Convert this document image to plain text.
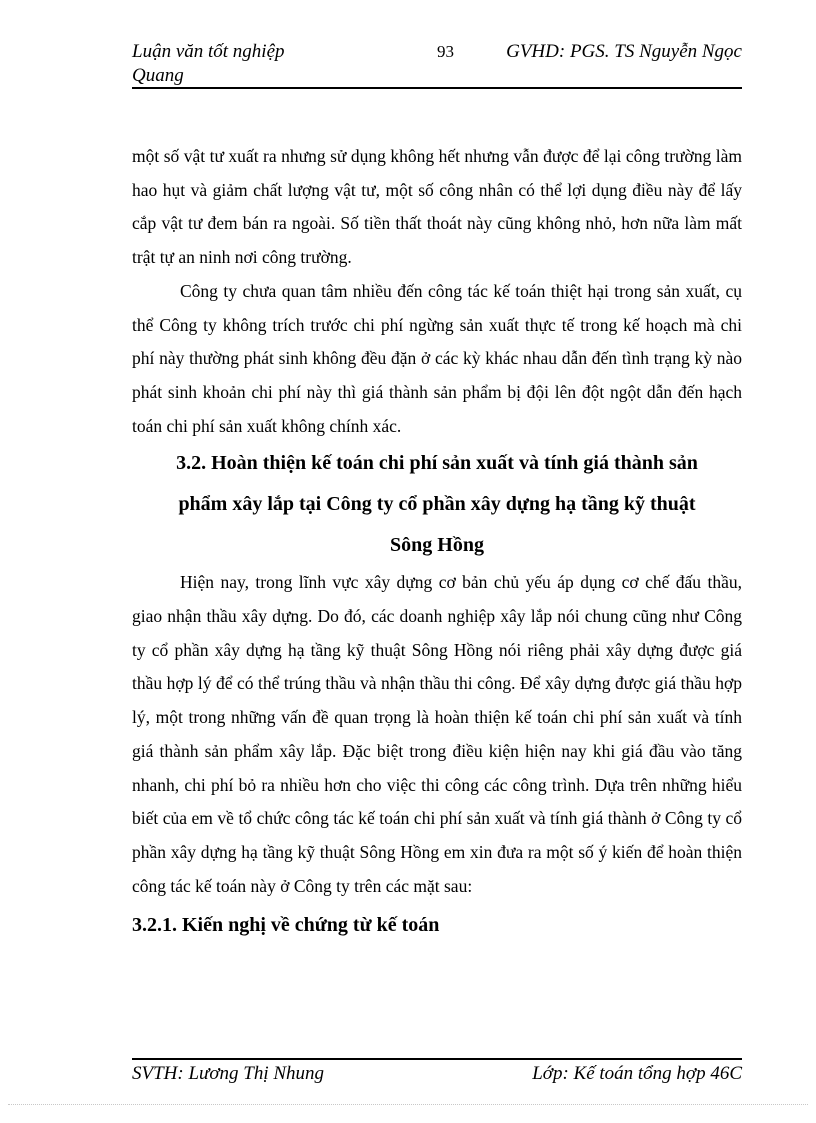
Luận văn tốt nghiệp
Quang
93	GVHD: PGS. TS Nguyễn Ngọc

một số vật tư xuất ra nhưng sử dụng không hết nhưng vẫn được để lại công trường làm hao hụt và giảm chất lượng vật tư, một số công nhân có thể lợi dụng điều này để lấy cắp vật tư đem bán ra ngoài. Số tiền thất thoát này cũng không nhỏ, hơn nữa làm mất trật tự an ninh nơi công trường.

Công ty chưa quan tâm nhiều đến công tác kế toán thiệt hại trong sản xuất, cụ thể Công ty không trích trước chi phí ngừng sản xuất thực tế trong kế hoạch mà chi phí này thường phát sinh không đều đặn ở các kỳ khác nhau dẫn đến tình trạng kỳ nào phát sinh khoản chi phí này thì giá thành sản phẩm bị đội lên đột ngột dẫn đến hạch toán chi phí sản xuất không chính xác.

3.2. Hoàn thiện kế toán chi phí sản xuất và tính giá thành sản
phẩm xây lắp tại Công ty cổ phần xây dựng hạ tầng kỹ thuật
Sông Hồng

Hiện nay, trong lĩnh vực xây dựng cơ bản chủ yếu áp dụng cơ chế đấu thầu, giao nhận thầu xây dựng. Do đó, các doanh nghiệp xây lắp nói chung cũng như Công ty cổ phần xây dựng hạ tầng kỹ thuật Sông Hồng nói riêng phải xây dựng được giá thầu hợp lý để có thể trúng thầu và nhận thầu thi công. Để xây dựng được giá thầu hợp lý, một trong những vấn đề quan trọng là hoàn thiện kế toán chi phí sản xuất và tính giá thành sản phẩm xây lắp. Đặc biệt trong điều kiện hiện nay khi giá đầu vào tăng nhanh, chi phí bỏ ra nhiều hơn cho việc thi công các công trình. Dựa trên những hiểu biết của em về tổ chức công tác kế toán chi phí sản xuất và tính giá thành ở Công ty cổ phần xây dựng hạ tầng kỹ thuật Sông Hồng em xin đưa ra một số ý kiến để hoàn thiện công tác kế toán này ở Công ty trên các mặt sau:

3.2.1. Kiến nghị về chứng từ kế toán
SVTH: Lương Thị Nhung	Lớp: Kế toán tổng hợp 46C
